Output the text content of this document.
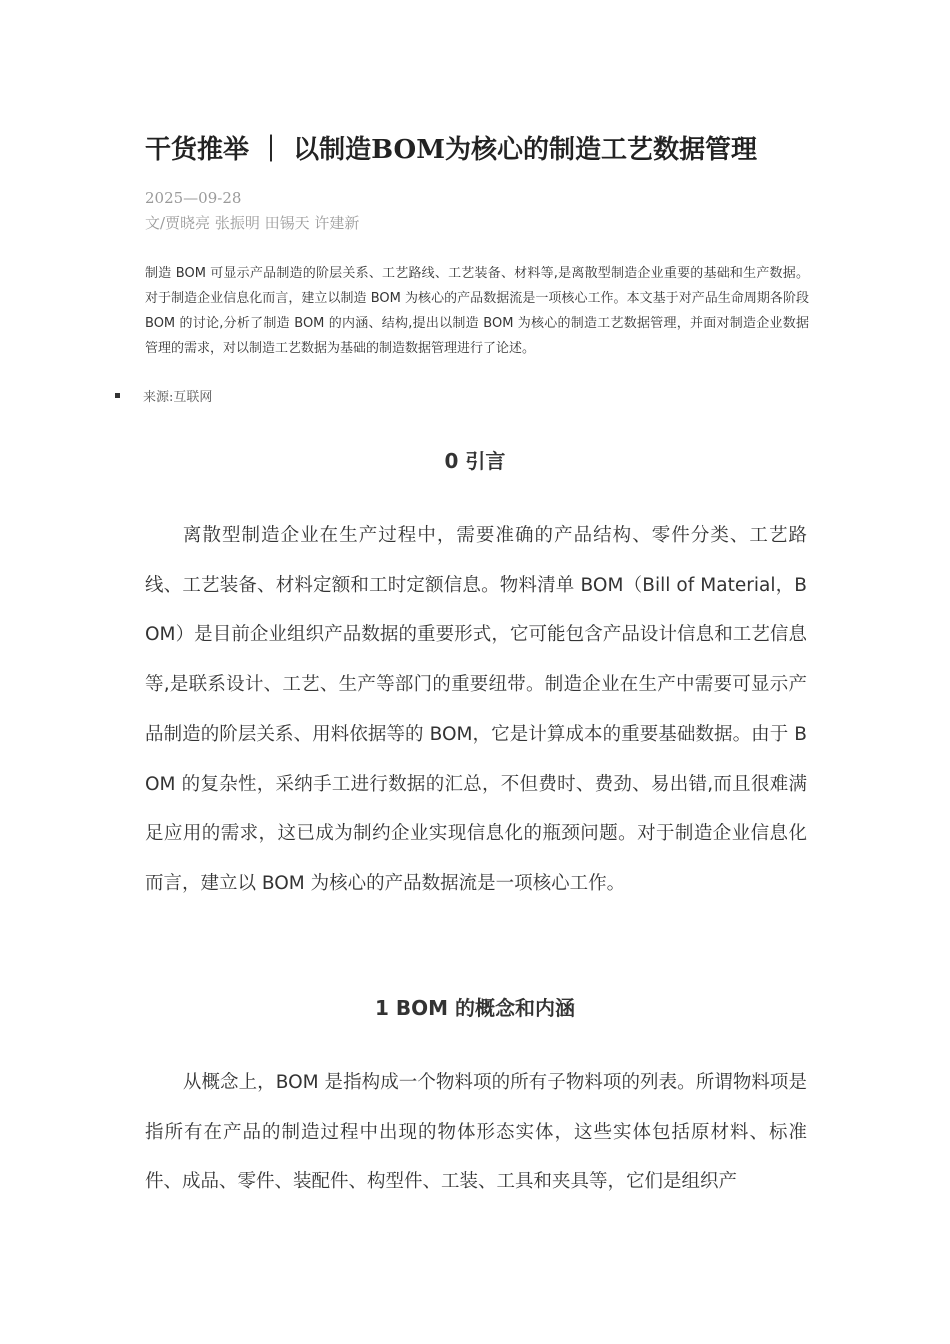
干货推举 ｜ 以制造BOM为核心的制造工艺数据管理
2025—09-28
文/贾晓亮 张振明 田锡天 许建新

制造 BOM 可显示产品制造的阶层关系、工艺路线、工艺装备、材料等,是离散型制造企业重要的基础和生产数据。对于制造企业信息化而言，建立以制造 BOM 为核心的产品数据流是一项核心工作。本文基于对产品生命周期各阶段 BOM 的讨论,分析了制造 BOM 的内涵、结构,提出以制造 BOM 为核心的制造工艺数据管理，并面对制造企业数据管理的需求，对以制造工艺数据为基础的制造数据管理进行了论述。

来源:互联网
0 引言

离散型制造企业在生产过程中，需要准确的产品结构、零件分类、工艺路线、工艺装备、材料定额和工时定额信息。物料清单 BOM（Bill of Material，BOM）是目前企业组织产品数据的重要形式，它可能包含产品设计信息和工艺信息等,是联系设计、工艺、生产等部门的重要纽带。制造企业在生产中需要可显示产品制造的阶层关系、用料依据等的 BOM，它是计算成本的重要基础数据。由于 BOM 的复杂性，采纳手工进行数据的汇总，不但费时、费劲、易出错,而且很难满足应用的需求，这已成为制约企业实现信息化的瓶颈问题。对于制造企业信息化而言，建立以 BOM 为核心的产品数据流是一项核心工作。

1 BOM 的概念和内涵

从概念上，BOM 是指构成一个物料项的所有子物料项的列表。所谓物料项是指所有在产品的制造过程中出现的物体形态实体，这些实体包括原材料、标准件、成品、零件、装配件、构型件、工装、工具和夹具等，它们是组织产
